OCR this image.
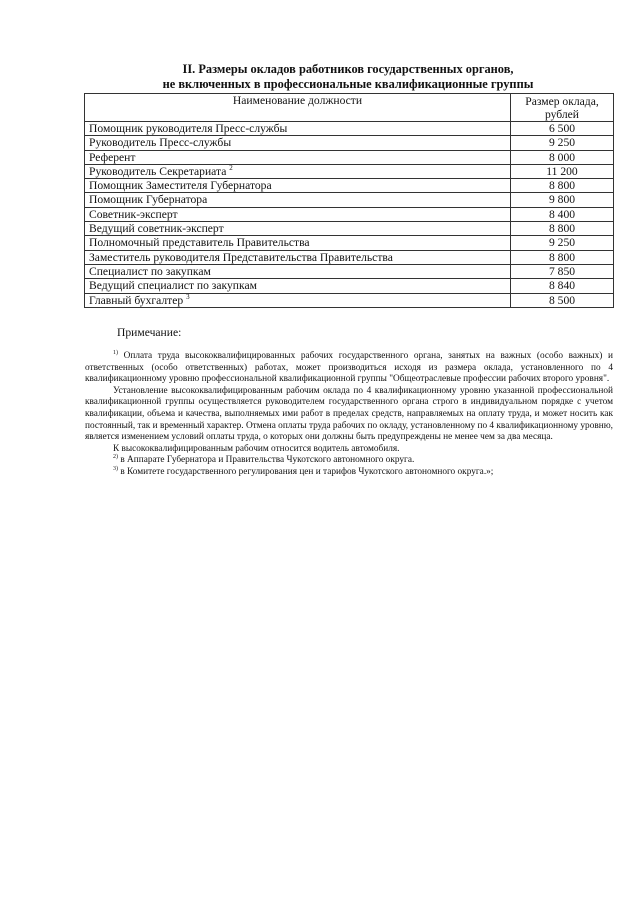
II. Размеры окладов работников государственных органов,
не включенных в профессиональные квалификационные группы
Наименование должности	Размер оклада,
рублей

Помощник руководителя Пресс-службы	6 500
Руководитель Пресс-службы	9 250
Референт	8 000
Руководитель Секретариата $^2$	11 200
Помощник Заместителя Губернатора	8 800
Помощник Губернатора	9 800
Советник-эксперт	8 400
Ведущий советник-эксперт	8 800
Полномочный представитель Правительства	9 250
Заместитель руководителя Представительства Правительства	8 800
Специалист по закупкам	7 850
Ведущий специалист по закупкам	8 840
Главный бухгалтер $^3$	8 500
Примечание:

$^{1)}$ Оплата труда высококвалифицированных рабочих государственного органа, занятых на важных (особо важных) и ответственных (особо ответственных) работах, может производиться исходя из размера оклада, установленного по 4 квалификационному уровню профессиональной квалификационной группы "Общеотраслевые профессии рабочих второго уровня".

Установление высококвалифицированным рабочим оклада по 4 квалификационному уровню указанной профессиональной квалификационной группы осуществляется руководителем государственного органа строго в индивидуальном порядке с учетом квалификации, объема и качества, выполняемых ими работ в пределах средств, направляемых на оплату труда, и может носить как постоянный, так и временный характер. Отмена оплаты труда рабочих по окладу, установленному по 4 квалификационному уровню, является изменением условий оплаты труда, о которых они должны быть предупреждены не менее чем за два месяца.

К высококвалифицированным рабочим относится водитель автомобиля.

$^{2)}$ в Аппарате Губернатора и Правительства Чукотского автономного округа.

$^{3)}$ в Комитете государственного регулирования цен и тарифов Чукотского автономного округа.»;
